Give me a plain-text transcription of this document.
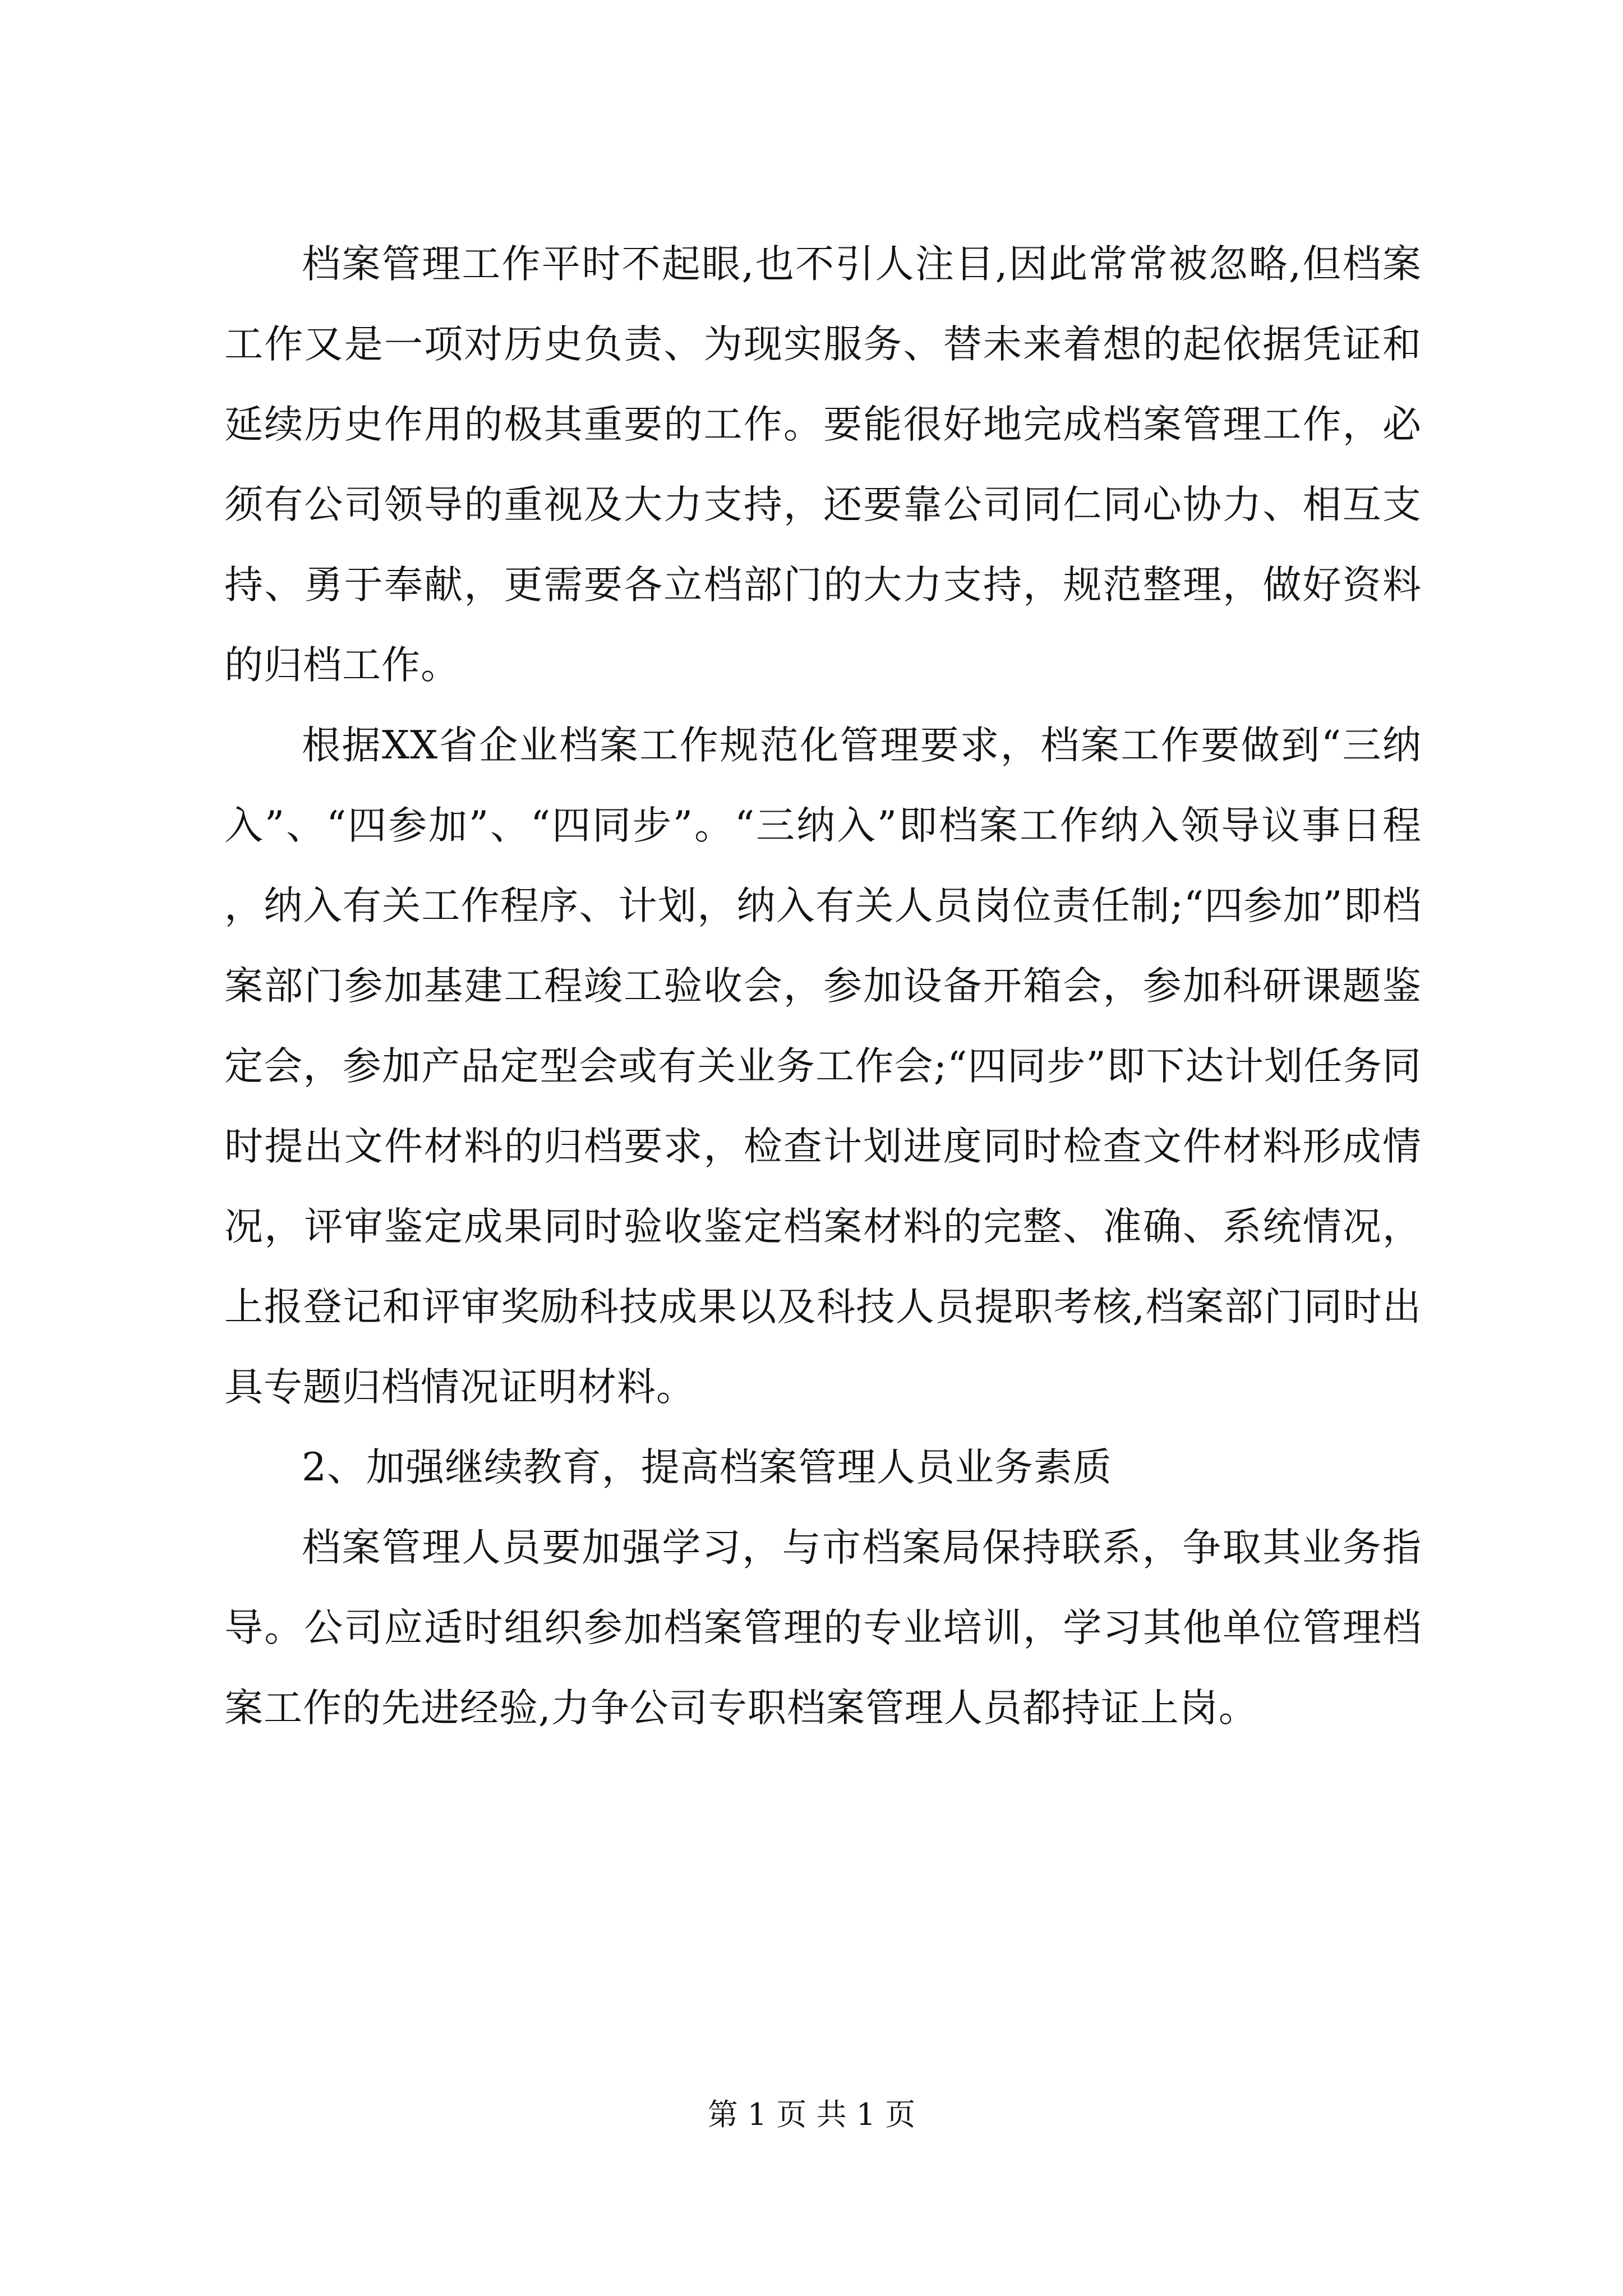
档案管理工作平时不起眼,也不引人注目,因此常常被忽略,但档案工作又是一项对历史负责、为现实服务、替未来着想的起依据凭证和延续历史作用的极其重要的工作。要能很好地完成档案管理工作，必须有公司领导的重视及大力支持，还要靠公司同仁同心协力、相互支持、勇于奉献，更需要各立档部门的大力支持，规范整理，做好资料的归档工作。

根据XX省企业档案工作规范化管理要求，档案工作要做到“三纳入”、“四参加”、“四同步”。“三纳入”即档案工作纳入领导议事日程，纳入有关工作程序、计划，纳入有关人员岗位责任制;“四参加”即档案部门参加基建工程竣工验收会，参加设备开箱会，参加科研课题鉴定会，参加产品定型会或有关业务工作会;“四同步”即下达计划任务同时提出文件材料的归档要求，检查计划进度同时检查文件材料形成情况，评审鉴定成果同时验收鉴定档案材料的完整、准确、系统情况，上报登记和评审奖励科技成果以及科技人员提职考核,档案部门同时出具专题归档情况证明材料。

2、加强继续教育，提高档案管理人员业务素质

档案管理人员要加强学习，与市档案局保持联系，争取其业务指导。公司应适时组织参加档案管理的专业培训，学习其他单位管理档案工作的先进经验,力争公司专职档案管理人员都持证上岗。

第 1 页 共 1 页
